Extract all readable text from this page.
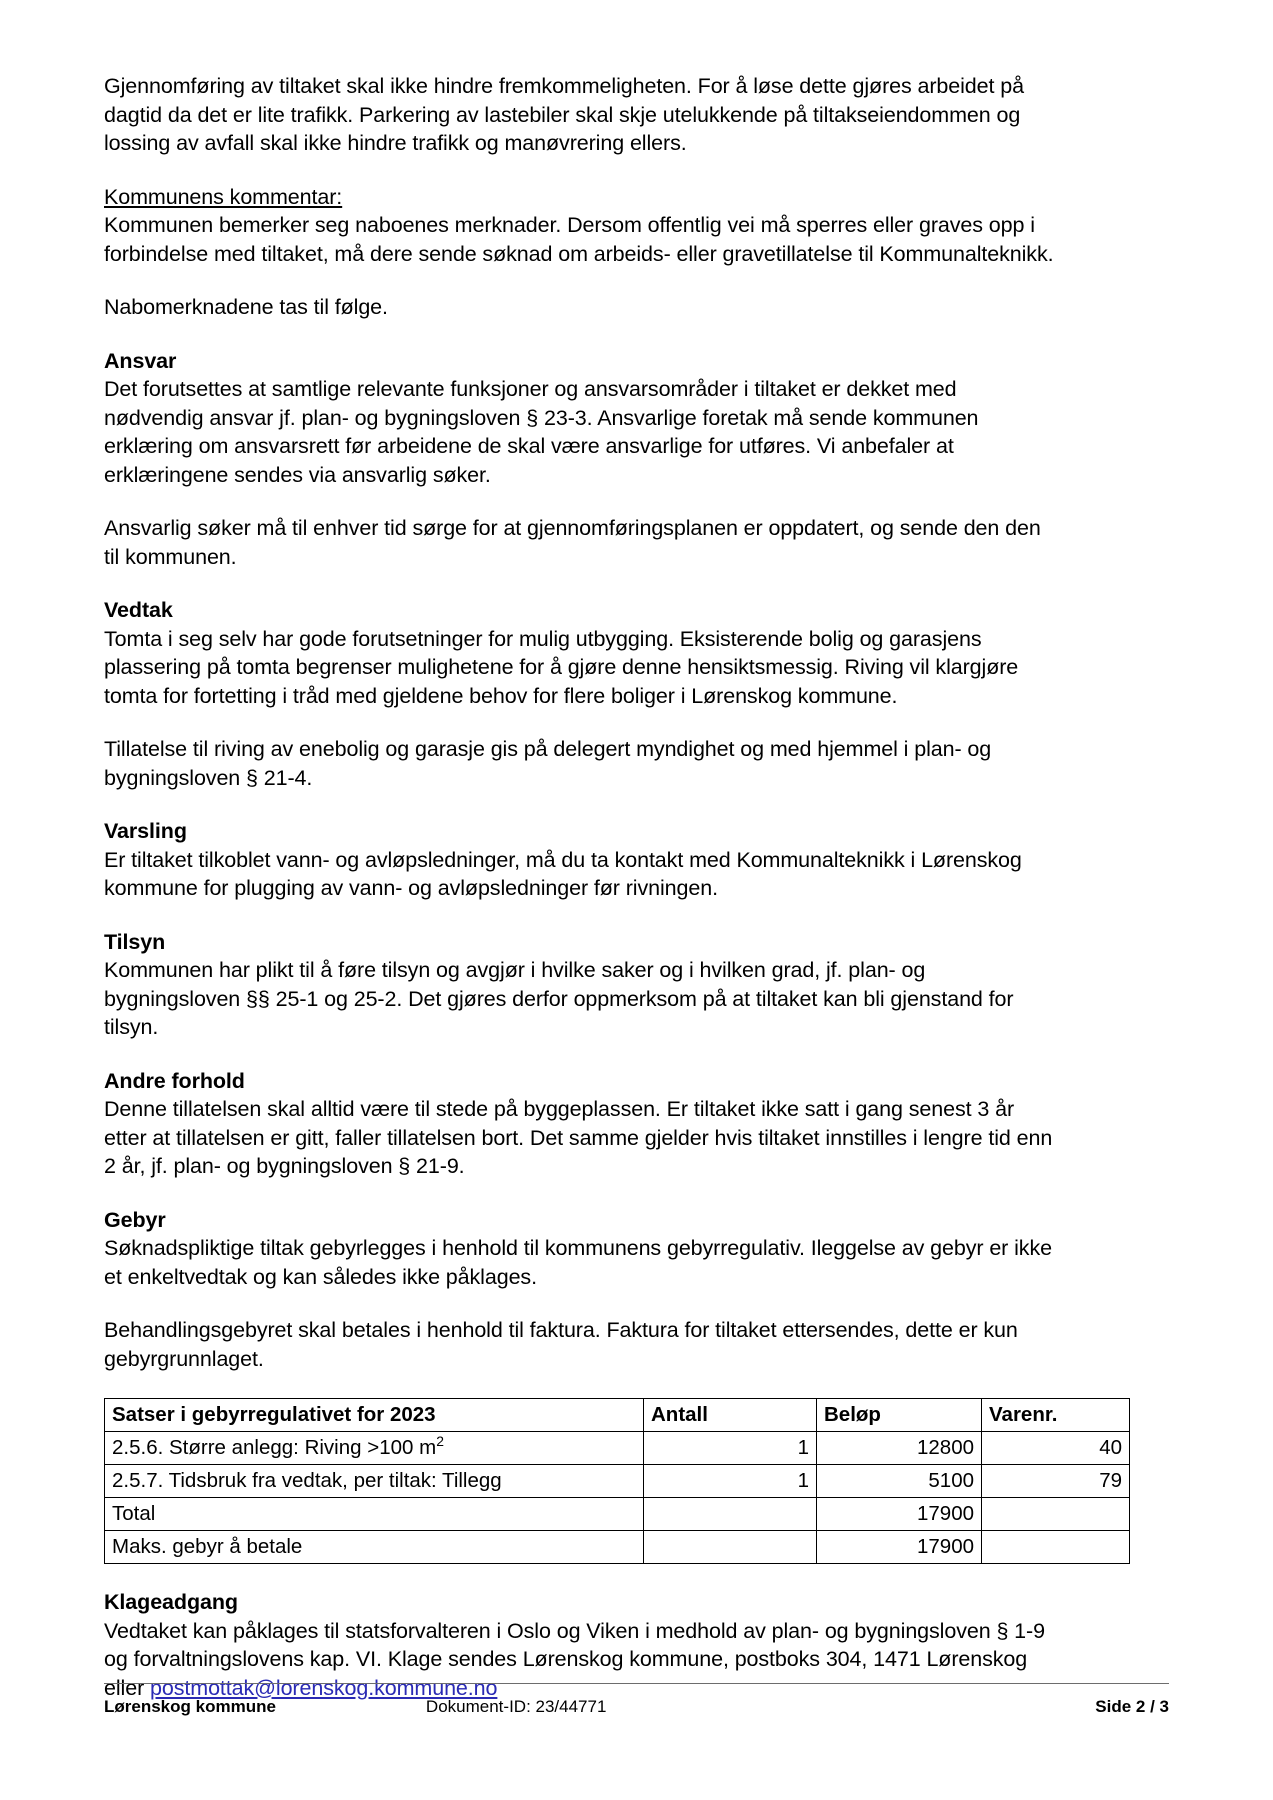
Gjennomføring av tiltaket skal ikke hindre fremkommeligheten. For å løse dette gjøres arbeidet på dagtid da det er lite trafikk. Parkering av lastebiler skal skje utelukkende på tiltakseiendommen og lossing av avfall skal ikke hindre trafikk og manøvrering ellers.

Kommunens kommentar:

Kommunen bemerker seg naboenes merknader. Dersom offentlig vei må sperres eller graves opp i forbindelse med tiltaket, må dere sende søknad om arbeids- eller gravetillatelse til Kommunalteknikk.

Nabomerknadene tas til følge.

Ansvar

Det forutsettes at samtlige relevante funksjoner og ansvarsområder i tiltaket er dekket med nødvendig ansvar jf. plan- og bygningsloven § 23-3. Ansvarlige foretak må sende kommunen erklæring om ansvarsrett før arbeidene de skal være ansvarlige for utføres. Vi anbefaler at erklæringene sendes via ansvarlig søker.

Ansvarlig søker må til enhver tid sørge for at gjennomføringsplanen er oppdatert, og sende den den til kommunen.

Vedtak

Tomta i seg selv har gode forutsetninger for mulig utbygging. Eksisterende bolig og garasjens plassering på tomta begrenser mulighetene for å gjøre denne hensiktsmessig. Riving vil klargjøre tomta for fortetting i tråd med gjeldene behov for flere boliger i Lørenskog kommune.

Tillatelse til riving av enebolig og garasje gis på delegert myndighet og med hjemmel i plan- og bygningsloven § 21-4.

Varsling

Er tiltaket tilkoblet vann- og avløpsledninger, må du ta kontakt med Kommunalteknikk i Lørenskog kommune for plugging av vann- og avløpsledninger før rivningen.

Tilsyn

Kommunen har plikt til å føre tilsyn og avgjør i hvilke saker og i hvilken grad, jf. plan- og bygningsloven §§ 25-1 og 25-2. Det gjøres derfor oppmerksom på at tiltaket kan bli gjenstand for tilsyn.

Andre forhold

Denne tillatelsen skal alltid være til stede på byggeplassen. Er tiltaket ikke satt i gang senest 3 år etter at tillatelsen er gitt, faller tillatelsen bort. Det samme gjelder hvis tiltaket innstilles i lengre tid enn 2 år, jf. plan- og bygningsloven § 21-9.

Gebyr

Søknadspliktige tiltak gebyrlegges i henhold til kommunens gebyrregulativ. Ileggelse av gebyr er ikke et enkeltvedtak og kan således ikke påklages.

Behandlingsgebyret skal betales i henhold til faktura. Faktura for tiltaket ettersendes, dette er kun gebyrgrunnlaget.

Satser i gebyrregulativet for 2023	Antall	Beløp	Varenr.
2.5.6. Større anlegg: Riving >100 $m^2$	1	12800	40
2.5.7. Tidsbruk fra vedtak, per tiltak: Tillegg	1	5100	79
Total		17900	
Maks. gebyr å betale		17900	
Klageadgang

Vedtaket kan påklages til statsforvalteren i Oslo og Viken i medhold av plan- og bygningsloven § 1-9 og forvaltningslovens kap. VI. Klage sendes Lørenskog kommune, postboks 304, 1471 Lørenskog eller postmottak@lorenskog.kommune.no

Lørenskog kommune	Dokument-ID: 23/44771	Side 2 / 3
